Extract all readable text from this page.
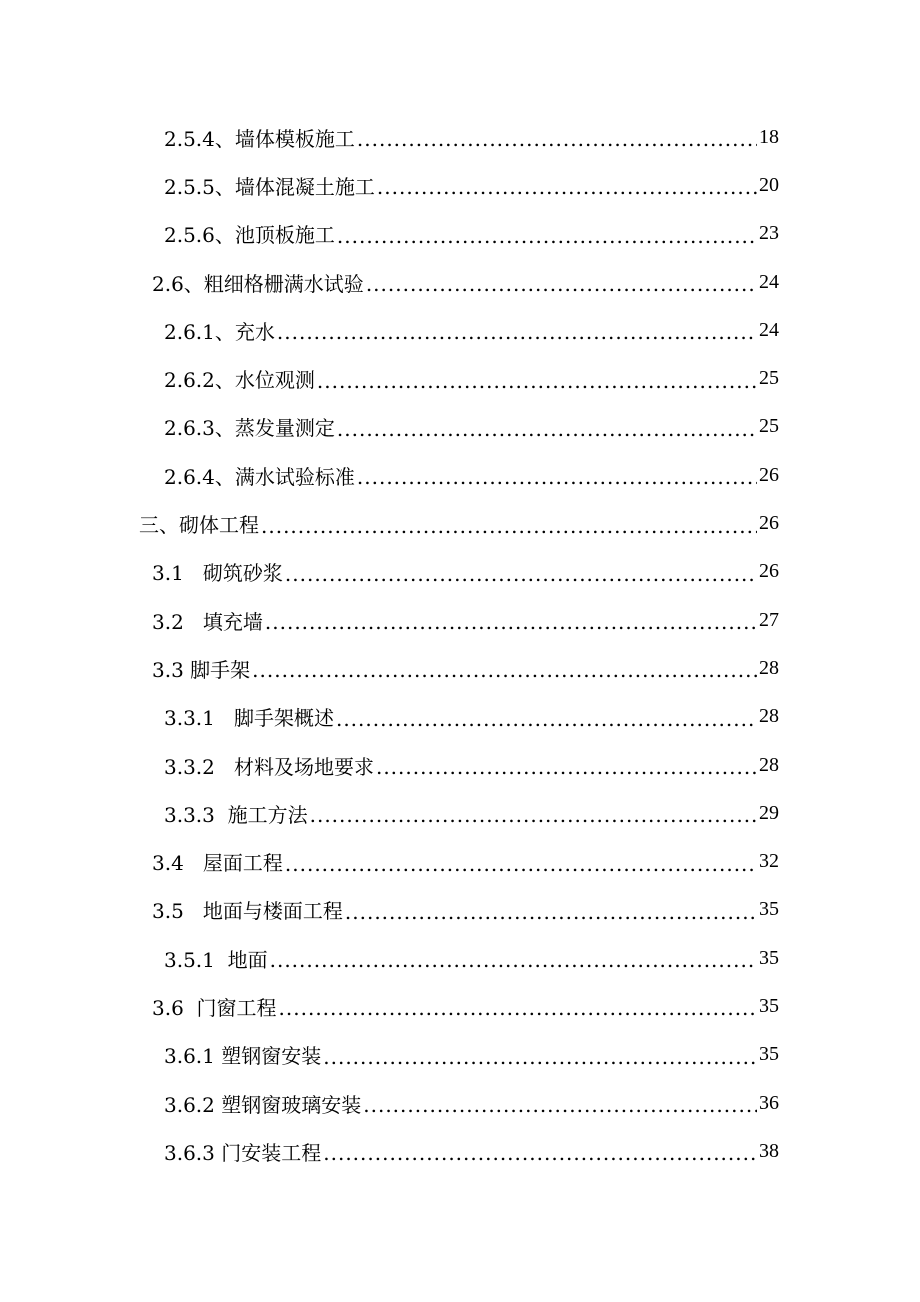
2.5.4、墙体模板施工 .....	18
2.5.5、墙体混凝土施工 .....	20
2.5.6、池顶板施工 .....	23
2.6、粗细格栅满水试验 .....	24
2.6.1、充水 .....	24
2.6.2、水位观测 .....	25
2.6.3、蒸发量测定 .....	25
2.6.4、满水试验标准 .....	26
三、砌体工程 .....	26
3.1   砌筑砂浆 .....	26
3.2   填充墙 .....	27
3.3 脚手架 .....	28
3.3.1   脚手架概述 .....	28
3.3.2   材料及场地要求 .....	28
3.3.3  施工方法 .....	29
3.4   屋面工程 .....	32
3.5   地面与楼面工程 .....	35
3.5.1  地面 .....	35
3.6  门窗工程 .....	35
3.6.1 塑钢窗安装 .....	35
3.6.2 塑钢窗玻璃安装 .....	36
3.6.3 门安装工程 .....	38
